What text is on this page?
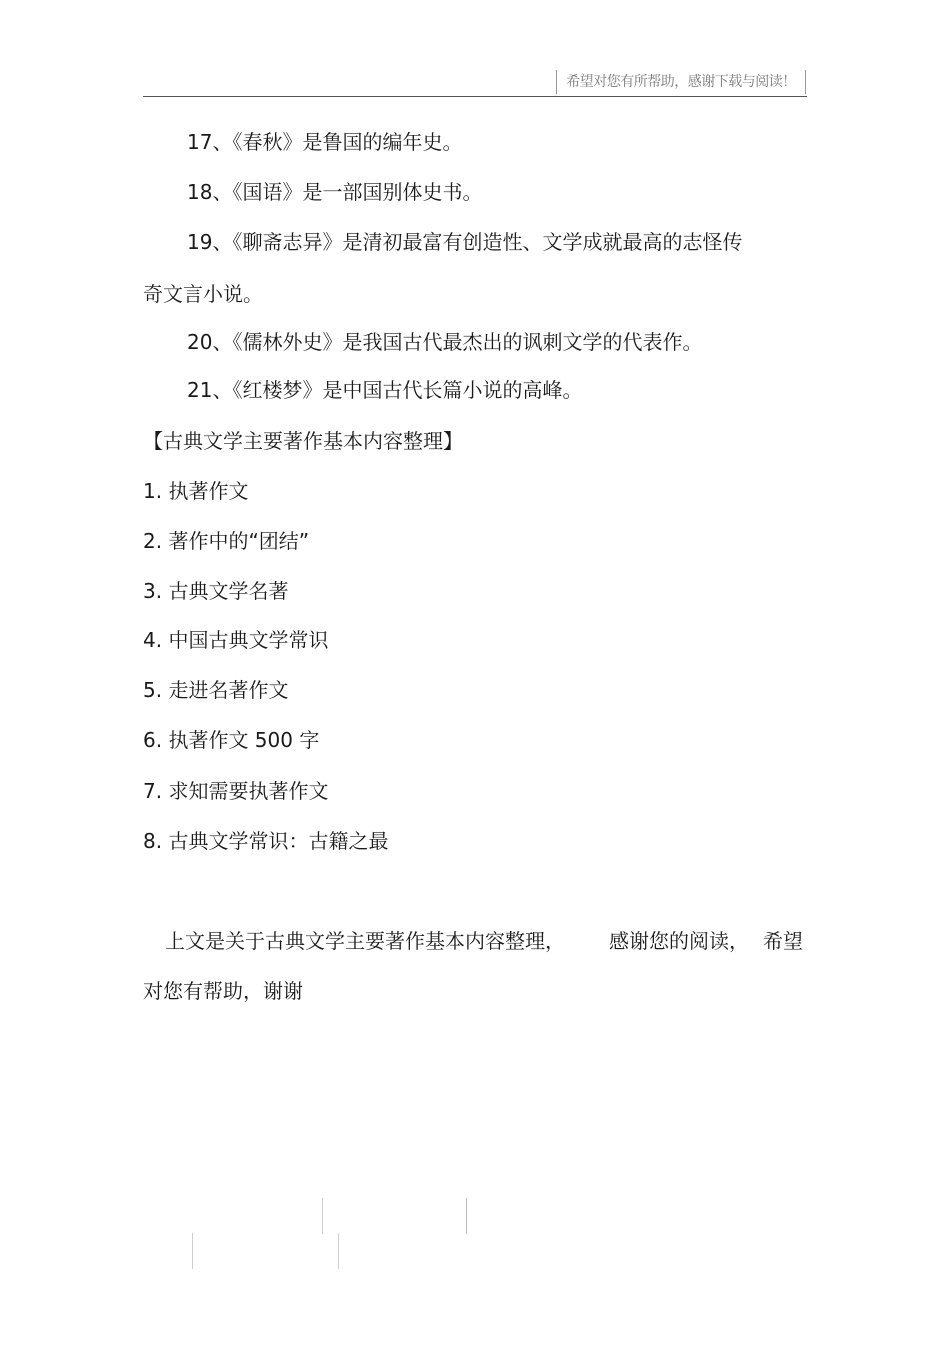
希望对您有所帮助，感谢下载与阅读！
17、《春秋》是鲁国的编年史。
18、《国语》是一部国别体史书。
19、《聊斋志异》是清初最富有创造性、文学成就最高的志怪传
奇文言小说。
20、《儒林外史》是我国古代最杰出的讽刺文学的代表作。
21、《红楼梦》是中国古代长篇小说的高峰。
【古典文学主要著作基本内容整理】
1. 执著作文
2. 著作中的“团结”
3. 古典文学名著
4. 中国古典文学常识
5. 走进名著作文
6. 执著作文 500 字
7. 求知需要执著作文
8. 古典文学常识：古籍之最
上文是关于古典文学主要著作基本内容整理， 感谢您的阅读， 希望
对您有帮助，谢谢
